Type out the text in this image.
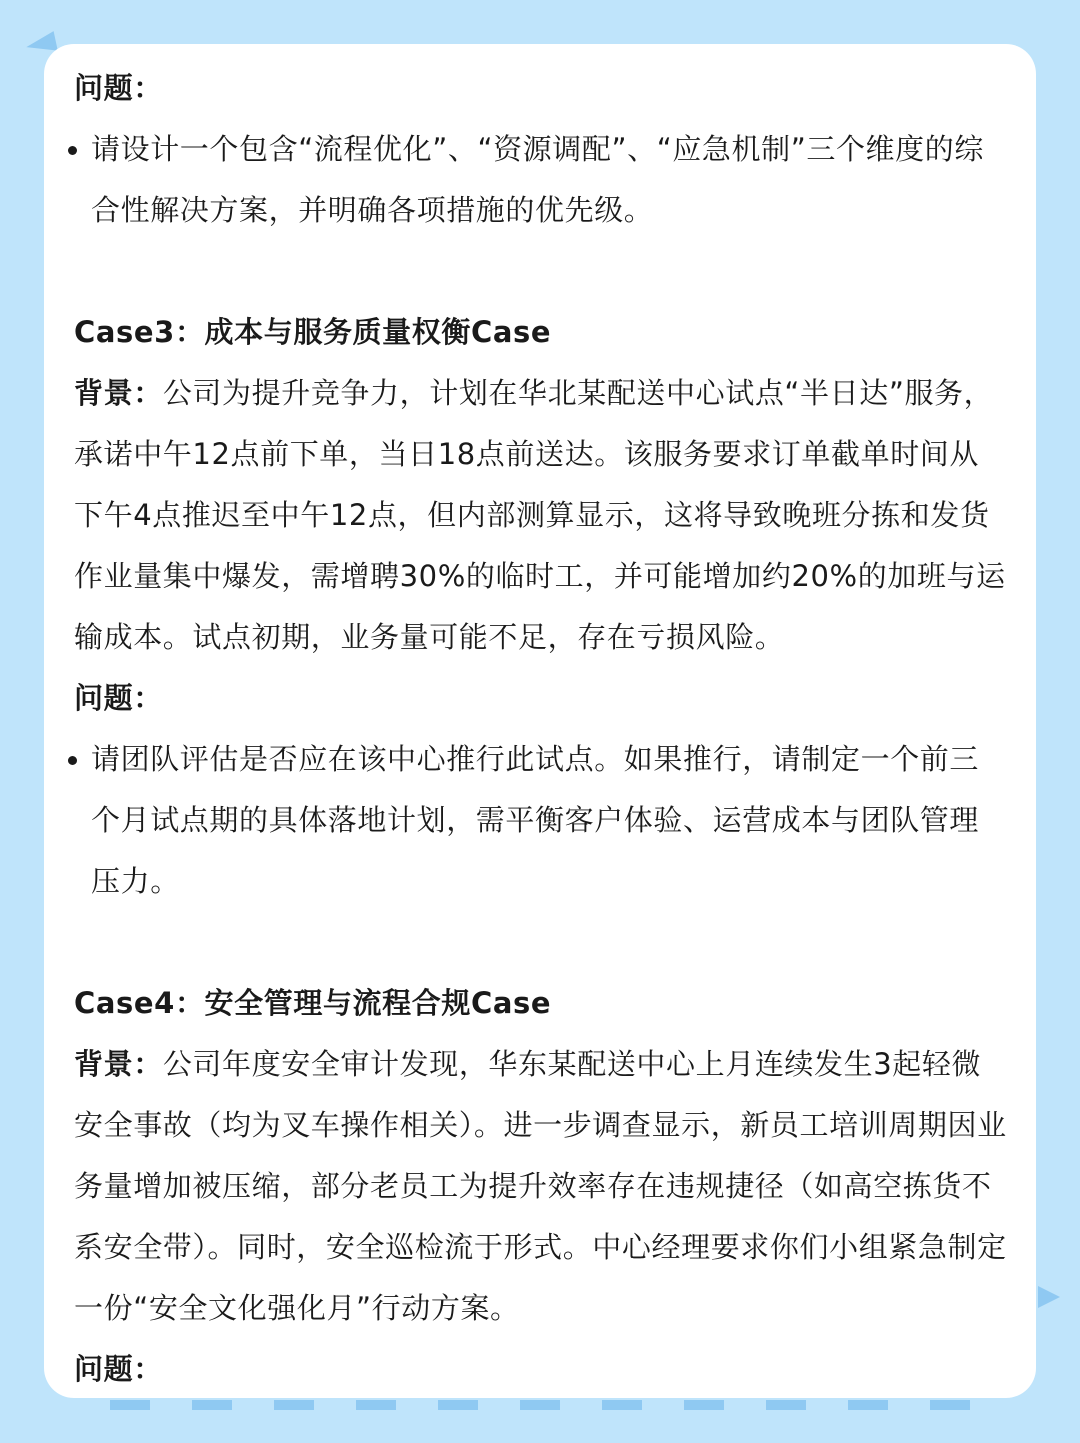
问题：

请设计一个包含“流程优化”、“资源调配”、“应急机制”三个维度的综合性解决方案，并明确各项措施的优先级。

Case3：成本与服务质量权衡Case

背景：公司为提升竞争力，计划在华北某配送中心试点“半日达”服务，承诺中午12点前下单，当日18点前送达。该服务要求订单截单时间从下午4点推迟至中午12点，但内部测算显示，这将导致晚班分拣和发货作业量集中爆发，需增聘30%的临时工，并可能增加约20%的加班与运输成本。试点初期，业务量可能不足，存在亏损风险。

问题：

请团队评估是否应在该中心推行此试点。如果推行，请制定一个前三个月试点期的具体落地计划，需平衡客户体验、运营成本与团队管理压力。

Case4：安全管理与流程合规Case

背景：公司年度安全审计发现，华东某配送中心上月连续发生3起轻微安全事故（均为叉车操作相关）。进一步调查显示，新员工培训周期因业务量增加被压缩，部分老员工为提升效率存在违规捷径（如高空拣货不系安全带）。同时，安全巡检流于形式。中心经理要求你们小组紧急制定一份“安全文化强化月”行动方案。

问题：
